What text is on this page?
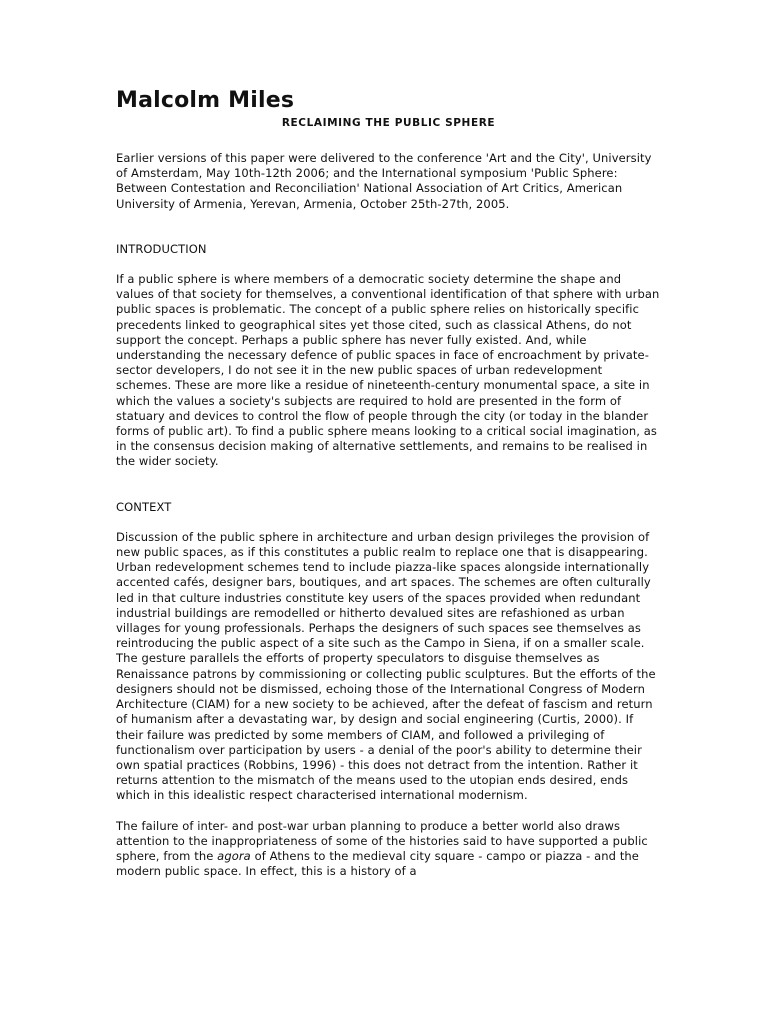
Malcolm Miles
RECLAIMING THE PUBLIC SPHERE

Earlier versions of this paper were delivered to the conference 'Art and the City', University of Amsterdam, May 10th-12th 2006; and the International symposium 'Public Sphere: Between Contestation and Reconciliation' National Association of Art Critics, American University of Armenia, Yerevan, Armenia, October 25th-27th, 2005.

INTRODUCTION

If a public sphere is where members of a democratic society determine the shape and values of that society for themselves, a conventional identification of that sphere with urban public spaces is problematic. The concept of a public sphere relies on historically specific precedents linked to geographical sites yet those cited, such as classical Athens, do not support the concept. Perhaps a public sphere has never fully existed. And, while understanding the necessary defence of public spaces in face of encroachment by private-sector developers, I do not see it in the new public spaces of urban redevelopment schemes. These are more like a residue of nineteenth-century monumental space, a site in which the values a society's subjects are required to hold are presented in the form of statuary and devices to control the flow of people through the city (or today in the blander forms of public art). To find a public sphere means looking to a critical social imagination, as in the consensus decision making of alternative settlements, and remains to be realised in the wider society.

CONTEXT

Discussion of the public sphere in architecture and urban design privileges the provision of new public spaces, as if this constitutes a public realm to replace one that is disappearing. Urban redevelopment schemes tend to include piazza-like spaces alongside internationally accented cafés, designer bars, boutiques, and art spaces. The schemes are often culturally led in that culture industries constitute key users of the spaces provided when redundant industrial buildings are remodelled or hitherto devalued sites are refashioned as urban villages for young professionals. Perhaps the designers of such spaces see themselves as reintroducing the public aspect of a site such as the Campo in Siena, if on a smaller scale. The gesture parallels the efforts of property speculators to disguise themselves as Renaissance patrons by commissioning or collecting public sculptures. But the efforts of the designers should not be dismissed, echoing those of the International Congress of Modern Architecture (CIAM) for a new society to be achieved, after the defeat of fascism and return of humanism after a devastating war, by design and social engineering (Curtis, 2000). If their failure was predicted by some members of CIAM, and followed a privileging of functionalism over participation by users - a denial of the poor's ability to determine their own spatial practices (Robbins, 1996) - this does not detract from the intention. Rather it returns attention to the mismatch of the means used to the utopian ends desired, ends which in this idealistic respect characterised international modernism.

The failure of inter- and post-war urban planning to produce a better world also draws attention to the inappropriateness of some of the histories said to have supported a public sphere, from the agora of Athens to the medieval city square - campo or piazza - and the modern public space. In effect, this is a history of a
